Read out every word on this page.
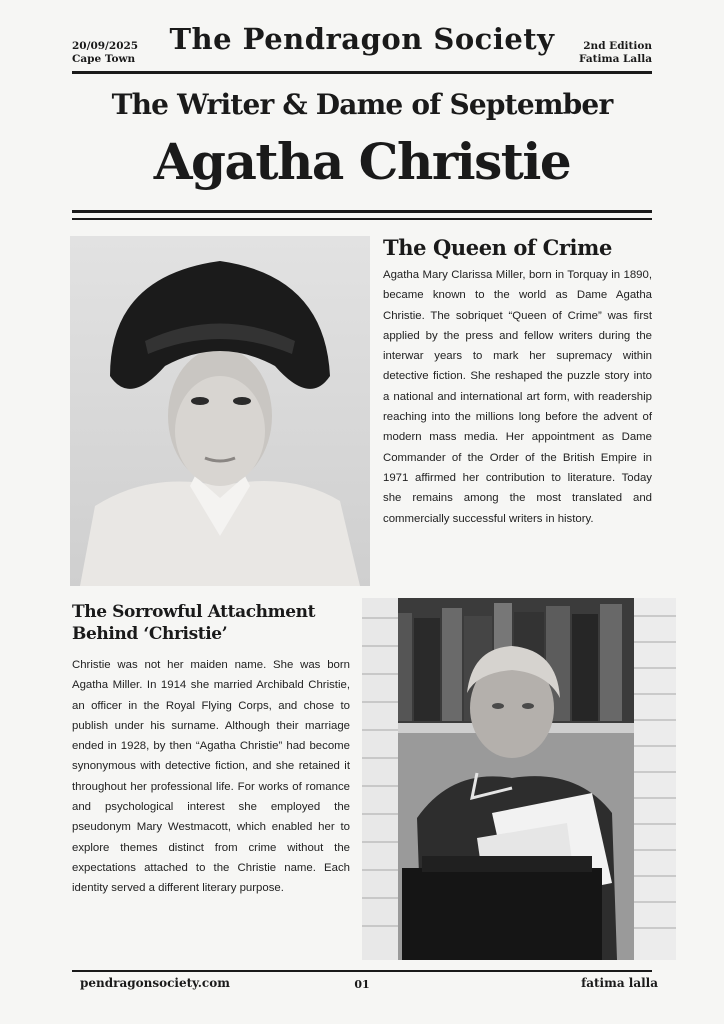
20/09/2025
Cape Town
The Pendragon Society	2nd Edition
Fatima Lalla
The Writer & Dame of September
Agatha Christie
The Queen of Crime
Agatha Mary Clarissa Miller, born in Torquay in 1890, became known to the world as Dame Agatha Christie. The sobriquet “Queen of Crime” was first applied by the press and fellow writers during the interwar years to mark her supremacy within detective fiction. She reshaped the puzzle story into a national and international art form, with readership reaching into the millions long before the advent of modern mass media. Her appointment as Dame Commander of the Order of the British Empire in 1971 affirmed her contribution to literature. Today she remains among the most translated and commercially successful writers in history.
The Sorrowful Attachment Behind ‘Christie’
Christie was not her maiden name. She was born Agatha Miller. In 1914 she married Archibald Christie, an officer in the Royal Flying Corps, and chose to publish under his surname. Although their marriage ended in 1928, by then “Agatha Christie” had become synonymous with detective fiction, and she retained it throughout her professional life. For works of romance and psychological interest she employed the pseudonym Mary Westmacott, which enabled her to explore themes distinct from crime without the expectations attached to the Christie name. Each identity served a different literary purpose.
pendragonsociety.com	01	fatima lalla
